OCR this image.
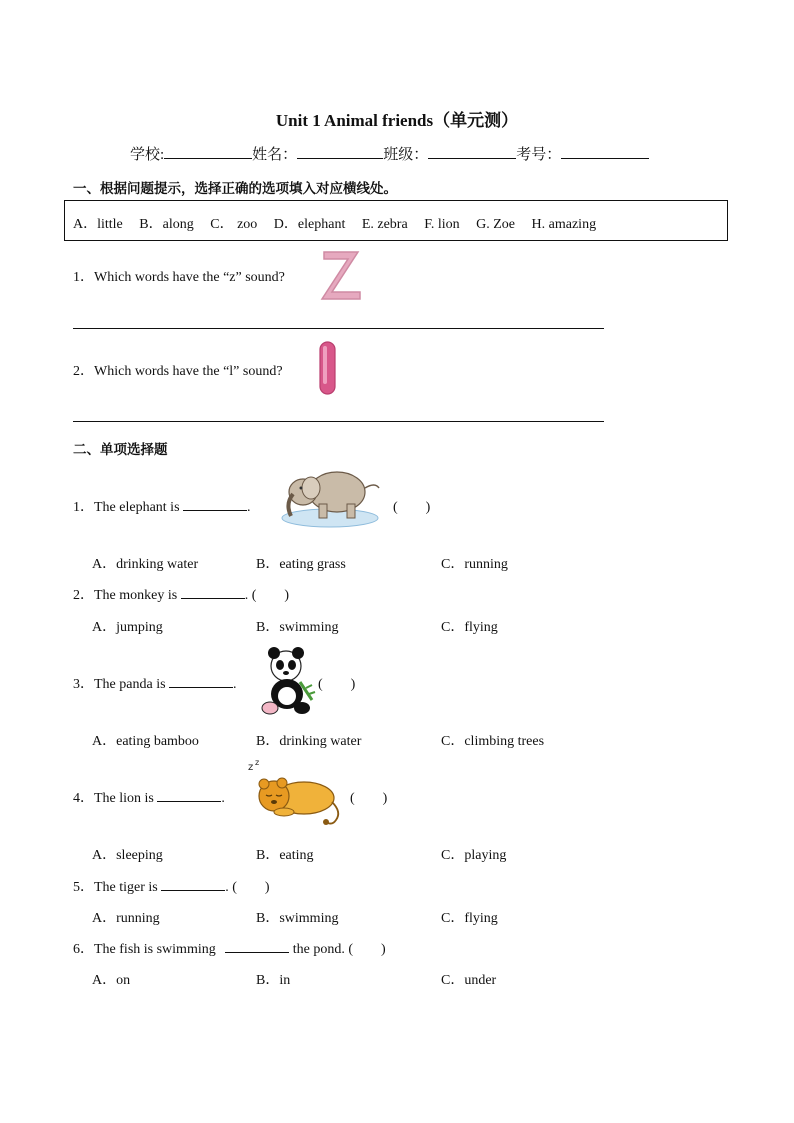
Unit 1 Animal friends（单元测）
学校:	姓名：	班级：	考号：
一、根据问题提示，选择正确的选项填入对应横线处。
A．little B．along C． zoo D．elephant E. zebra F. lion G. Zoe H. amazing
1．Which words have the “z” sound?
Z
2．Which words have the “l” sound?
l
二、单项选择题
1．The elephant is	.	(　　)
A．drinking water	B．eating grass	C．running
2．The monkey is	. (　　)
A．jumping	B．swimming	C．flying
3．The panda is	.	(　　)
A．eating bamboo	B．drinking water	C．climbing trees
4．The lion is	.
z z
(　　)
A．sleeping	B．eating	C．playing
5．The tiger is	. (　　)
A．running	B．swimming	C．flying
6．The fish is swimming	the pond. (　　)
A．on	B．in	C．under
